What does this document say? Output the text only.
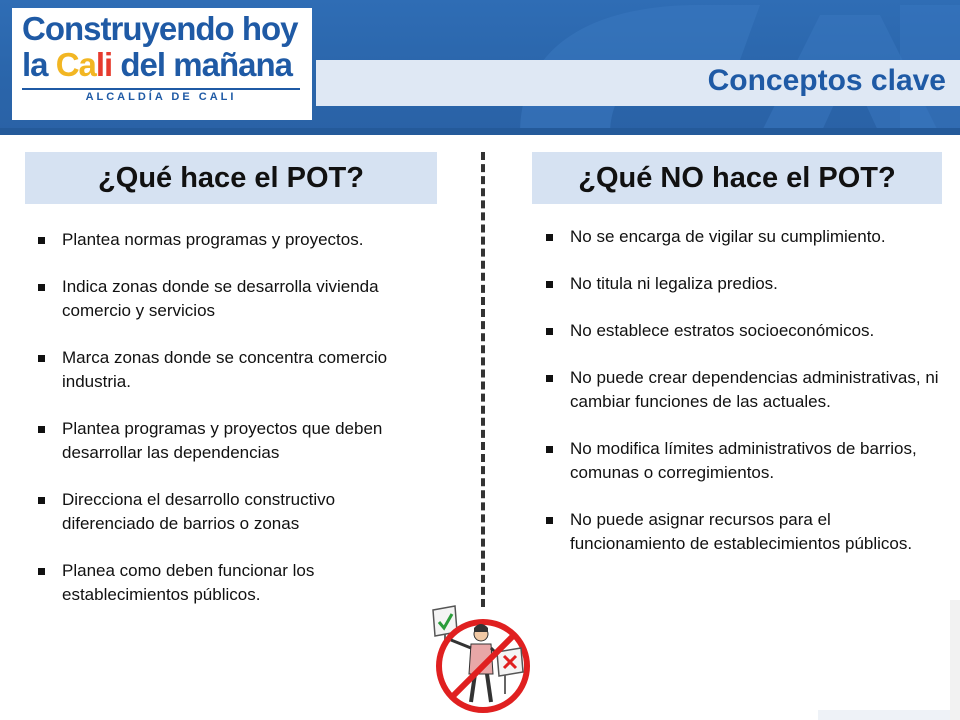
Construyendo hoy
la Cali del mañana
ALCALDÍA DE CALI	Conceptos clave
¿Qué hace el POT?	¿Qué NO hace el POT?
Plantea normas programas y proyectos.
Indica zonas donde se desarrolla vivienda comercio y servicios
Marca zonas donde se concentra comercio industria.
Plantea programas y proyectos que deben desarrollar las dependencias
Direcciona el desarrollo constructivo diferenciado de barrios o zonas
Planea como deben funcionar los establecimientos públicos.
No se encarga de vigilar su cumplimiento.
No titula ni legaliza predios.
No establece estratos socioeconómicos.
No puede crear dependencias administrativas, ni cambiar funciones de las actuales.
No modifica límites administrativos de barrios, comunas o corregimientos.
No puede asignar recursos para el funcionamiento de establecimientos públicos.
